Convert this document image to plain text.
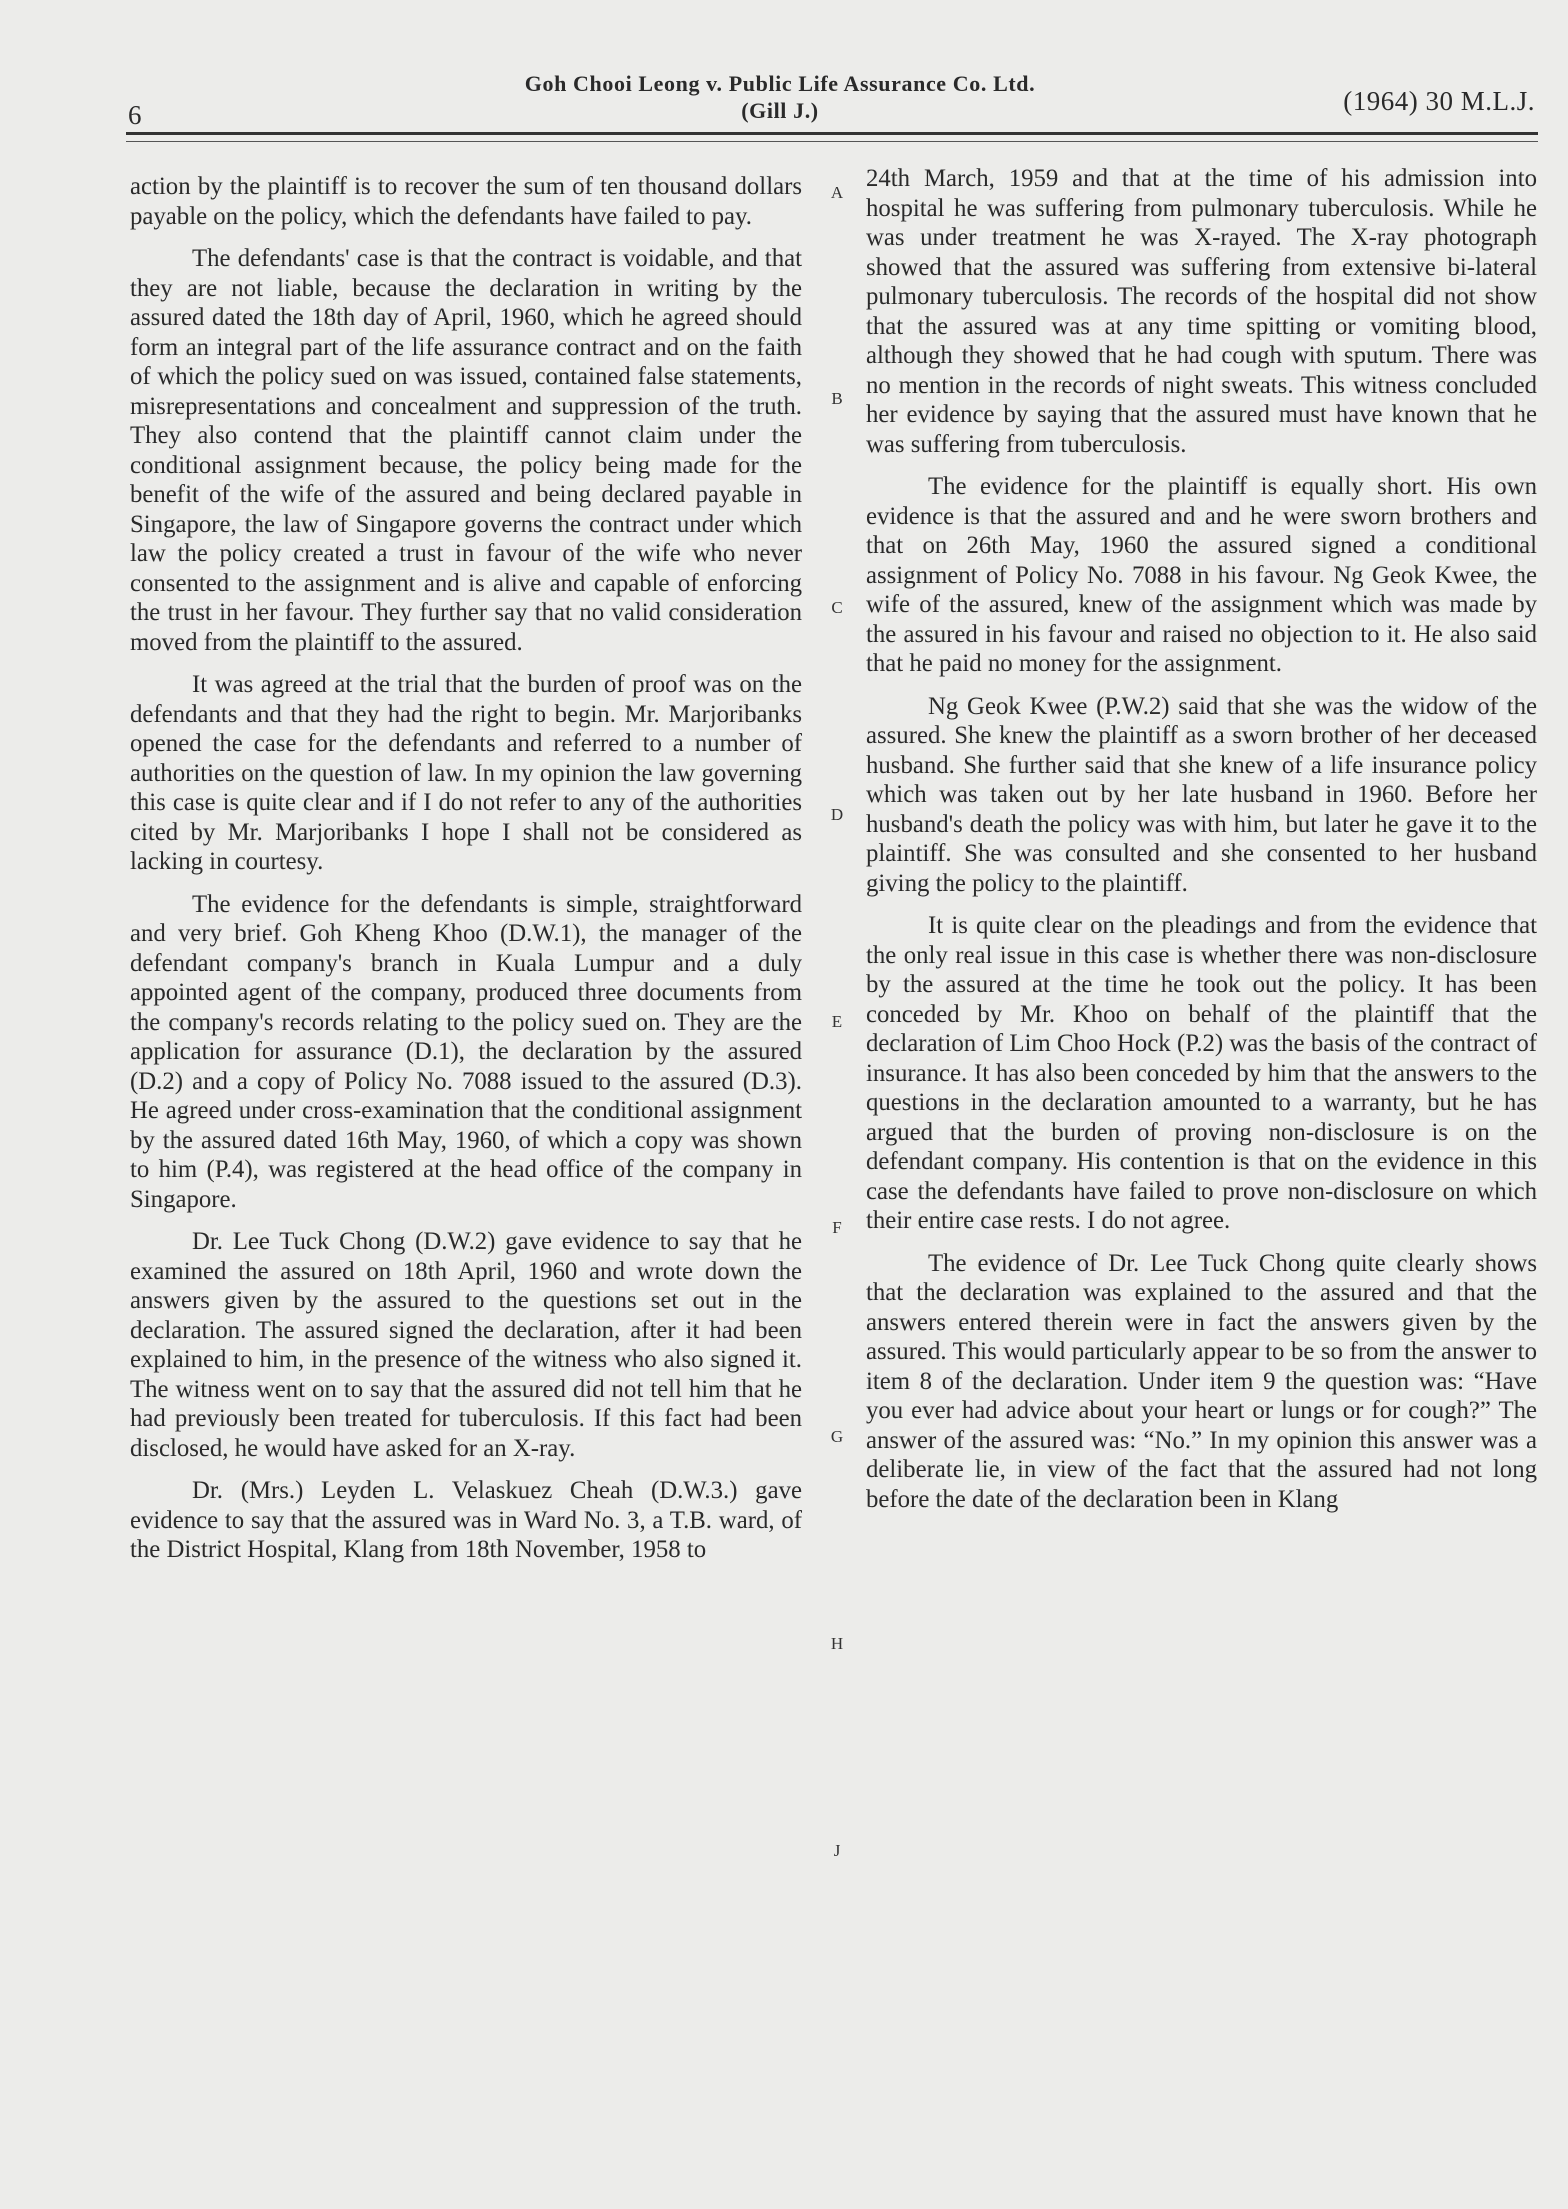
6
Goh Chooi Leong v. Public Life Assurance Co. Ltd.
(Gill J.)	(1964) 30 M.L.J.

action by the plaintiff is to recover the sum of ten thousand dollars payable on the policy, which the defendants have failed to pay.

The defendants' case is that the contract is voidable, and that they are not liable, because the declaration in writing by the assured dated the 18th day of April, 1960, which he agreed should form an integral part of the life assurance contract and on the faith of which the policy sued on was issued, contained false statements, misrepresentations and concealment and suppression of the truth. They also contend that the plaintiff cannot claim under the conditional assignment because, the policy being made for the benefit of the wife of the assured and being declared payable in Singapore, the law of Singapore governs the contract under which law the policy created a trust in favour of the wife who never consented to the assignment and is alive and capable of enforcing the trust in her favour. They further say that no valid consideration moved from the plaintiff to the assured.

It was agreed at the trial that the burden of proof was on the defendants and that they had the right to begin. Mr. Marjoribanks opened the case for the defendants and referred to a number of authorities on the question of law. In my opinion the law governing this case is quite clear and if I do not refer to any of the authorities cited by Mr. Marjoribanks I hope I shall not be considered as lacking in courtesy.

The evidence for the defendants is simple, straightforward and very brief. Goh Kheng Khoo (D.W.1), the manager of the defendant company's branch in Kuala Lumpur and a duly appointed agent of the company, produced three documents from the company's records relating to the policy sued on. They are the application for assurance (D.1), the declaration by the assured (D.2) and a copy of Policy No. 7088 issued to the assured (D.3). He agreed under cross-examination that the conditional assignment by the assured dated 16th May, 1960, of which a copy was shown to him (P.4), was registered at the head office of the company in Singapore.

Dr. Lee Tuck Chong (D.W.2) gave evidence to say that he examined the assured on 18th April, 1960 and wrote down the answers given by the assured to the questions set out in the declaration. The assured signed the declaration, after it had been explained to him, in the presence of the witness who also signed it. The witness went on to say that the assured did not tell him that he had previously been treated for tuberculosis. If this fact had been disclosed, he would have asked for an X-ray.

Dr. (Mrs.) Leyden L. Velaskuez Cheah (D.W.3.) gave evidence to say that the assured was in Ward No. 3, a T.B. ward, of the District Hospital, Klang from 18th November, 1958 to

24th March, 1959 and that at the time of his admission into hospital he was suffering from pulmonary tuberculosis. While he was under treatment he was X-rayed. The X-ray photograph showed that the assured was suffering from extensive bi-lateral pulmonary tuberculosis. The records of the hospital did not show that the assured was at any time spitting or vomiting blood, although they showed that he had cough with sputum. There was no mention in the records of night sweats. This witness concluded her evidence by saying that the assured must have known that he was suffering from tuberculosis.

The evidence for the plaintiff is equally short. His own evidence is that the assured and and he were sworn brothers and that on 26th May, 1960 the assured signed a conditional assignment of Policy No. 7088 in his favour. Ng Geok Kwee, the wife of the assured, knew of the assignment which was made by the assured in his favour and raised no objection to it. He also said that he paid no money for the assignment.

Ng Geok Kwee (P.W.2) said that she was the widow of the assured. She knew the plaintiff as a sworn brother of her deceased husband. She further said that she knew of a life insurance policy which was taken out by her late husband in 1960. Before her husband's death the policy was with him, but later he gave it to the plaintiff. She was consulted and she consented to her husband giving the policy to the plaintiff.

It is quite clear on the pleadings and from the evidence that the only real issue in this case is whether there was non-disclosure by the assured at the time he took out the policy. It has been conceded by Mr. Khoo on behalf of the plaintiff that the declaration of Lim Choo Hock (P.2) was the basis of the contract of insurance. It has also been conceded by him that the answers to the questions in the declaration amounted to a warranty, but he has argued that the burden of proving non-disclosure is on the defendant company. His contention is that on the evidence in this case the defendants have failed to prove non-disclosure on which their entire case rests. I do not agree.

The evidence of Dr. Lee Tuck Chong quite clearly shows that the declaration was explained to the assured and that the answers entered therein were in fact the answers given by the assured. This would particularly appear to be so from the answer to item 8 of the declaration. Under item 9 the question was: “Have you ever had advice about your heart or lungs or for cough?” The answer of the assured was: “No.” In my opinion this answer was a deliberate lie, in view of the fact that the assured had not long before the date of the declaration been in Klang

A
B
C
D
E
F
G
H
J
